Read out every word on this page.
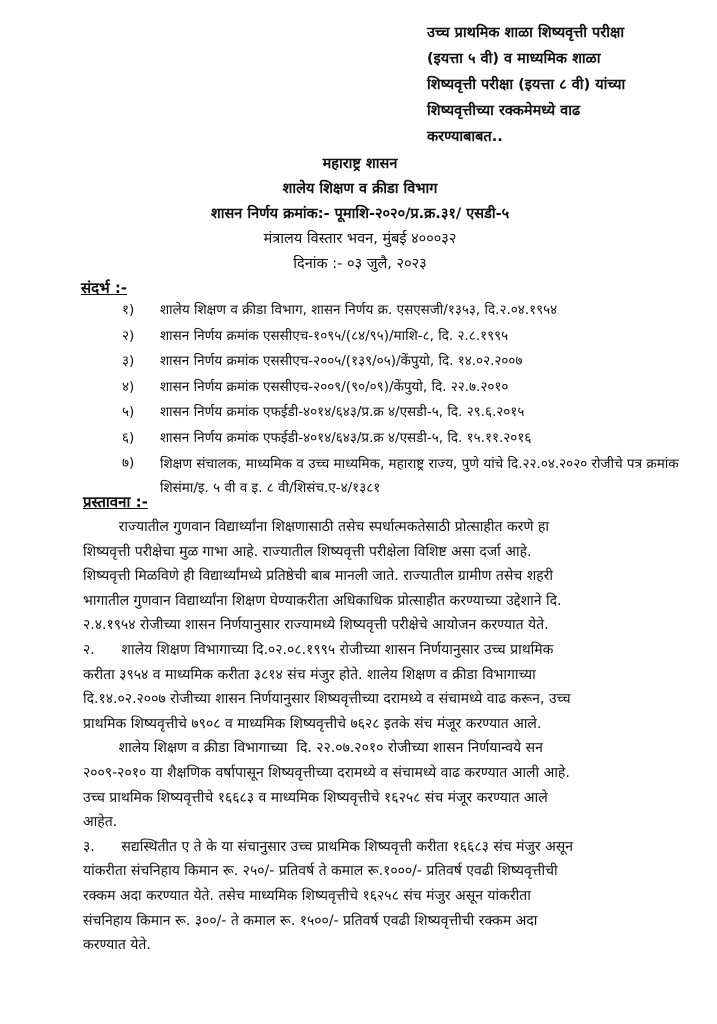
उच्च प्राथमिक शाळा शिष्यवृत्ती परीक्षा
(इयत्ता ५ वी) व माध्यमिक शाळा
शिष्यवृत्ती परीक्षा (इयत्ता ८ वी) यांच्या
शिष्यवृत्तीच्या रक्कमेमध्ये वाढ
करण्याबाबत..
महाराष्ट्र शासन
शालेय शिक्षण व क्रीडा विभाग
शासन निर्णय क्रमांक:- पूमाशि-२०२०/प्र.क्र.३१/ एसडी-५
मंत्रालय विस्तार भवन, मुंबई ४०००३२
दिनांक :- ०३ जुलै, २०२३
संदर्भ :-
१)	शालेय शिक्षण व क्रीडा विभाग, शासन निर्णय क्र. एसएसजी/१३५३, दि.२.०४.१९५४
२)	शासन निर्णय क्रमांक एससीएच-१०९५/(८४/९५)/माशि-८, दि. २.८.१९९५
३)	शासन निर्णय क्रमांक एससीएच-२००५/(१३९/०५)/केंपुयो, दि. १४.०२.२००७
४)	शासन निर्णय क्रमांक एससीएच-२००९/(९०/०९)/केंपुयो, दि. २२.७.२०१०
५)	शासन निर्णय क्रमांक एफईडी-४०१४/६४३/प्र.क्र ४/एसडी-५, दि. २९.६.२०१५
६)	शासन निर्णय क्रमांक एफईडी-४०१४/६४३/प्र.क्र ४/एसडी-५, दि. १५.११.२०१६
७)	शिक्षण संचालक, माध्यमिक व उच्च माध्यमिक, महाराष्ट्र राज्य, पुणे यांचे दि.२२.०४.२०२० रोजीचे पत्र क्रमांक शिसंमा/इ. ५ वी व इ. ८ वी/शिसंच.ए-४/१३८१
प्रस्तावना :-
राज्यातील गुणवान विद्यार्थ्यांना शिक्षणासाठी तसेच स्पर्धात्मकतेसाठी प्रोत्साहीत करणे हा
शिष्यवृत्ती परीक्षेचा मुळ गाभा आहे. राज्यातील शिष्यवृत्ती परीक्षेला विशिष्ट असा दर्जा आहे.
शिष्यवृत्ती मिळविणे ही विद्यार्थ्यांमध्ये प्रतिष्ठेची बाब मानली जाते. राज्यातील ग्रामीण तसेच शहरी
भागातील गुणवान विद्यार्थ्यांना शिक्षण घेण्याकरीता अधिकाधिक प्रोत्साहीत करण्याच्या उद्देशाने दि.
२.४.१९५४ रोजीच्या शासन निर्णयानुसार राज्यामध्ये शिष्यवृत्ती परीक्षेचे आयोजन करण्यात येते.
२.      शालेय शिक्षण विभागाच्या दि.०२.०८.१९९५ रोजीच्या शासन निर्णयानुसार उच्च प्राथमिक
करीता ३९५४ व माध्यमिक करीता ३८१४ संच मंजुर होते. शालेय शिक्षण व क्रीडा विभागाच्या
दि.१४.०२.२००७ रोजीच्या शासन निर्णयानुसार शिष्यवृत्तीच्या दरामध्ये व संचामध्ये वाढ करून, उच्च
प्राथमिक शिष्यवृत्तीचे ७९०८ व माध्यमिक शिष्यवृत्तीचे ७६२८ इतके संच मंजूर करण्यात आले.
शालेय शिक्षण व क्रीडा विभागाच्या  दि. २२.०७.२०१० रोजीच्या शासन निर्णयान्वये सन
२००९-२०१० या शैक्षणिक वर्षापासून शिष्यवृत्तीच्या दरामध्ये व संचामध्ये वाढ करण्यात आली आहे.
उच्च प्राथमिक शिष्यवृत्तीचे १६६८३ व माध्यमिक शिष्यवृत्तीचे १६२५८ संच मंजूर करण्यात आले
आहेत.
३.      सद्यस्थितीत ए ते के या संचानुसार उच्च प्राथमिक शिष्यवृत्ती करीता १६६८३ संच मंजुर असून
यांकरीता संचनिहाय किमान रू. २५०/- प्रतिवर्ष ते कमाल रू.१०००/- प्रतिवर्ष एवढी शिष्यवृत्तीची
रक्कम अदा करण्यात येते. तसेच माध्यमिक शिष्यवृत्तीचे १६२५८ संच मंजुर असून यांकरीता
संचनिहाय किमान रू. ३००/- ते कमाल रू. १५००/- प्रतिवर्ष एवढी शिष्यवृत्तीची रक्कम अदा
करण्यात येते.
